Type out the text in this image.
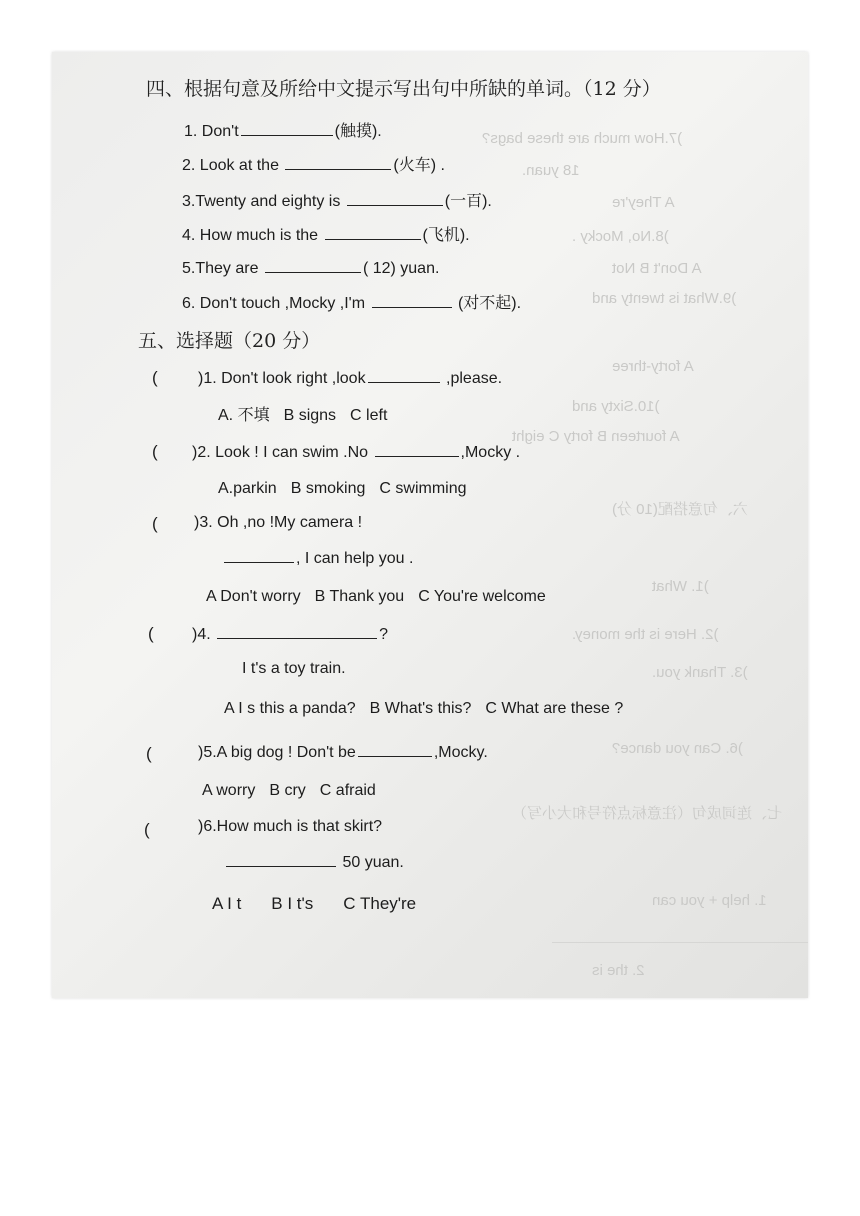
)7.How much are these bags?
18 yuan.
A They're
)8.No, Mocky .
A Don't B Not
)9.What is twenty and
A forty-three
)10.Sixty and
A fourteen B forty C eight
六、句意搭配(10 分)
)1. What
)2. Here is the money.
)3. Thank you.
)6. Can you dance?
七、连词成句（注意标点符号和大小写）
1. help + you can
2. the is
四、根据句意及所给中文提示写出句中所缺的单词。（12 分）
1. Don't	(触摸).
2. Look at the	(火车) .
3.Twenty and eighty is	(一百).
4. How much is the	(飞机).
5.They are	( 12) yuan.
6. Don't touch ,Mocky ,I'm	(对不起).
五、选择题（20 分）
(	)1. Don't look right ,look	,please.
A. 不填 B signs C left
( )2. Look ! I can swim .No	,Mocky .
A.parkin B smoking C swimming
( )3. Oh ,no !My camera !
, I can help you .
A Don't worry B Thank you C You're welcome
( )4.	?
I t's a toy train.
A I s this a panda? B What's this? C What are these ?
(	)5.A big dog ! Don't be	,Mocky.
A worry B cry C afraid
(	)6.How much is that skirt?
50 yuan.
A I t B I t's C They're
